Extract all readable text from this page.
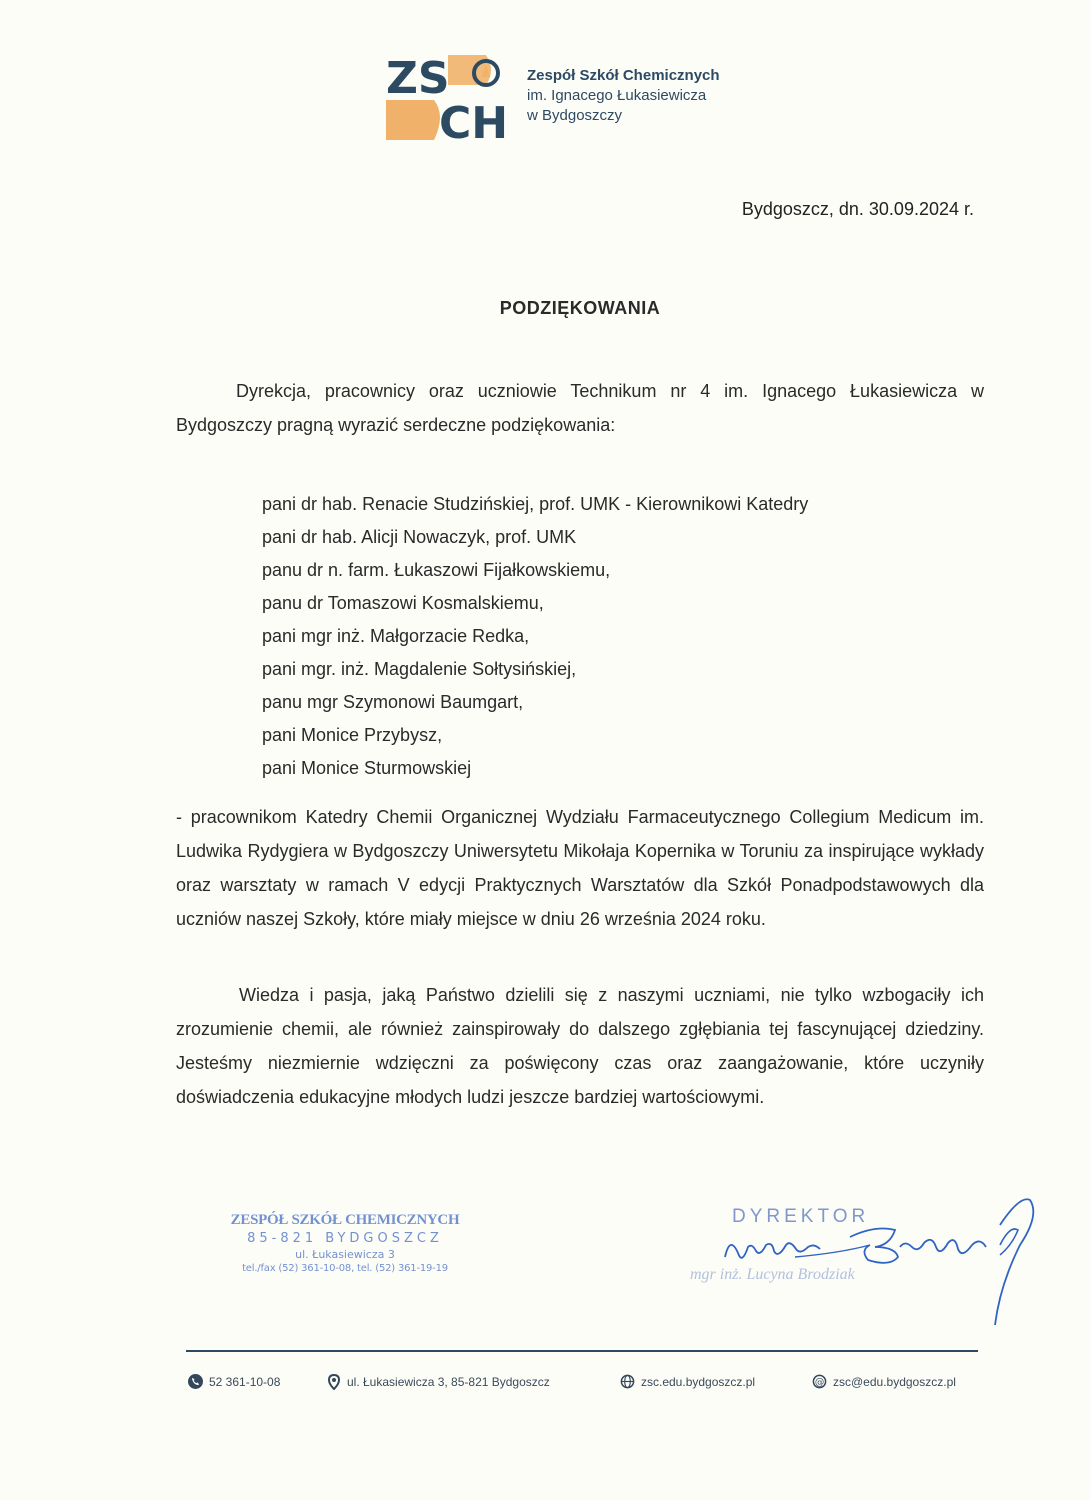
ZS
CH
Zespół Szkół Chemicznych
im. Ignacego Łukasiewicza
w Bydgoszczy
Bydgoszcz, dn. 30.09.2024 r.
PODZIĘKOWANIA
Dyrekcja, pracownicy oraz uczniowie Technikum nr 4 im. Ignacego Łukasiewicza w Bydgoszczy pragną wyrazić serdeczne podziękowania:
pani dr hab. Renacie Studzińskiej, prof. UMK - Kierownikowi Katedry
pani dr hab. Alicji Nowaczyk, prof. UMK
panu dr n. farm. Łukaszowi Fijałkowskiemu,
panu dr Tomaszowi Kosmalskiemu,
pani mgr inż. Małgorzacie Redka,
pani mgr. inż. Magdalenie Sołtysińskiej,
panu mgr Szymonowi Baumgart,
pani Monice Przybysz,
pani Monice Sturmowskiej
- pracownikom Katedry Chemii Organicznej Wydziału Farmaceutycznego Collegium Medicum im. Ludwika Rydygiera w Bydgoszczy Uniwersytetu Mikołaja Kopernika w Toruniu za inspirujące wykłady oraz warsztaty w ramach V edycji Praktycznych Warsztatów dla Szkół Ponadpodstawowych dla uczniów naszej Szkoły, które miały miejsce w dniu 26 września 2024 roku.
Wiedza i pasja, jaką Państwo dzielili się z naszymi uczniami, nie tylko wzbogaciły ich zrozumienie chemii, ale również zainspirowały do dalszego zgłębiania tej fascynującej dziedziny. Jesteśmy niezmiernie wdzięczni za poświęcony czas oraz zaangażowanie, które uczyniły doświadczenia edukacyjne młodych ludzi jeszcze bardziej wartościowymi.
ZESPÓŁ SZKÓŁ CHEMICZNYCH
85-821 BYDGOSZCZ
ul. Łukasiewicza 3
tel./fax (52) 361-10-08, tel. (52) 361-19-19
DYREKTOR
mgr inż. Lucyna Brodziak
52 361-10-08	ul. Łukasiewicza 3, 85-821 Bydgoszcz	zsc.edu.bydgoszcz.pl	@ zsc@edu.bydgoszcz.pl
